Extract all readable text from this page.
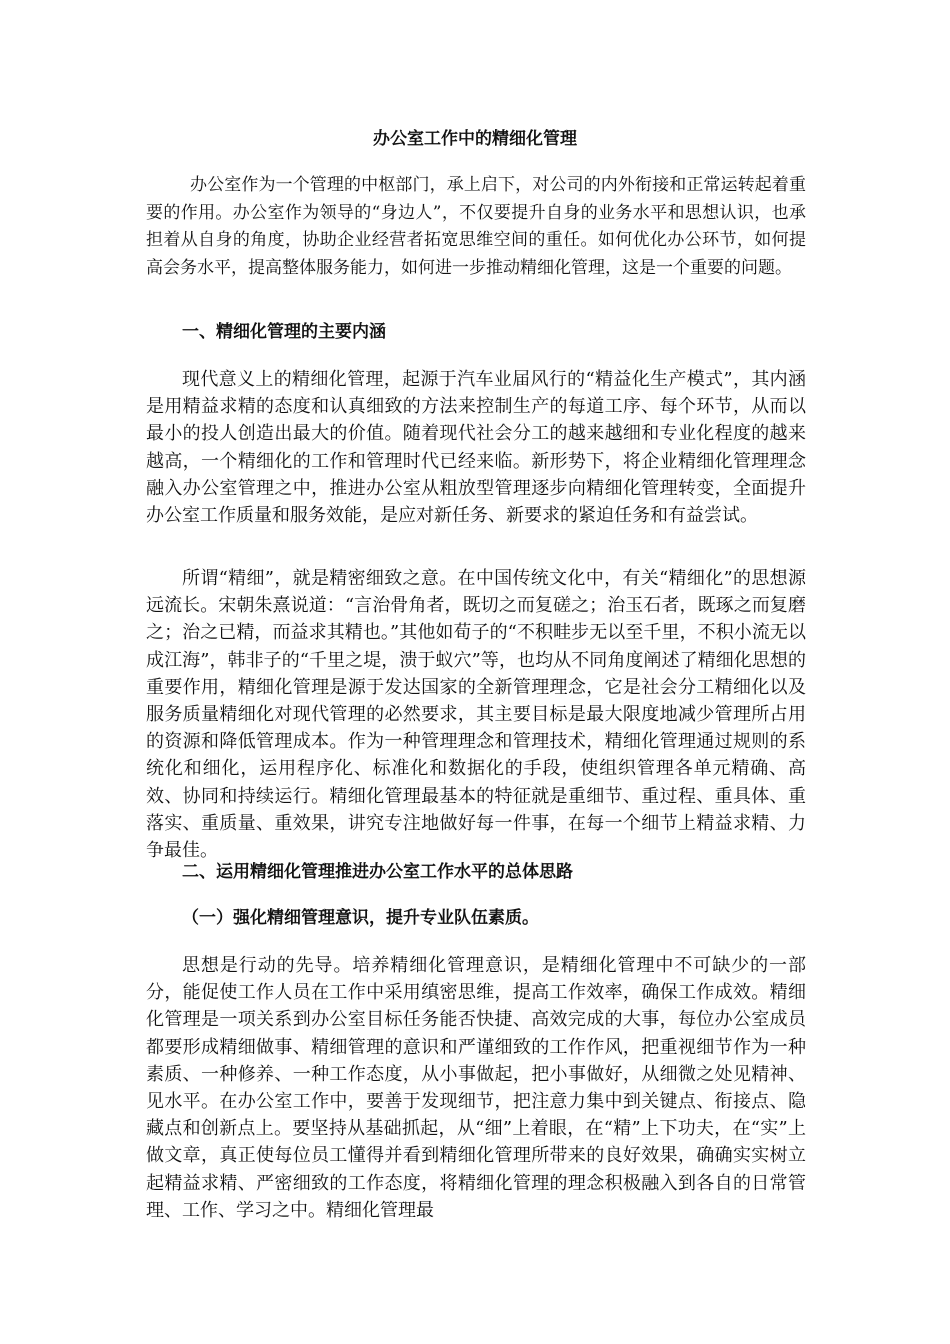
办公室工作中的精细化管理

办公室作为一个管理的中枢部门，承上启下，对公司的内外衔接和正常运转起着重要的作用。办公室作为领导的“身边人”，不仅要提升自身的业务水平和思想认识，也承担着从自身的角度，协助企业经营者拓宽思维空间的重任。如何优化办公环节，如何提高会务水平，提高整体服务能力，如何进一步推动精细化管理，这是一个重要的问题。

一、精细化管理的主要内涵

现代意义上的精细化管理，起源于汽车业届风行的“精益化生产模式”，其内涵是用精益求精的态度和认真细致的方法来控制生产的每道工序、每个环节，从而以最小的投人创造出最大的价值。随着现代社会分工的越来越细和专业化程度的越来越高，一个精细化的工作和管理时代已经来临。新形势下，将企业精细化管理理念融入办公室管理之中，推进办公室从粗放型管理逐步向精细化管理转变，全面提升办公室工作质量和服务效能，是应对新任务、新要求的紧迫任务和有益尝试。

所谓“精细”，就是精密细致之意。在中国传统文化中，有关“精细化”的思想源远流长。宋朝朱熹说道：“言治骨角者，既切之而复磋之；治玉石者，既琢之而复磨之；治之已精，而益求其精也。”其他如荀子的“不积畦步无以至千里，不积小流无以成江海”，韩非子的“千里之堤，溃于蚁穴”等，也均从不同角度阐述了精细化思想的重要作用，精细化管理是源于发达国家的全新管理理念，它是社会分工精细化以及服务质量精细化对现代管理的必然要求，其主要目标是最大限度地减少管理所占用的资源和降低管理成本。作为一种管理理念和管理技术，精细化管理通过规则的系统化和细化，运用程序化、标准化和数据化的手段，使组织管理各单元精确、高效、协同和持续运行。精细化管理最基本的特征就是重细节、重过程、重具体、重落实、重质量、重效果，讲究专注地做好每一件事，在每一个细节上精益求精、力争最佳。

二、运用精细化管理推进办公室工作水平的总体思路
（一）强化精细管理意识，提升专业队伍素质。

思想是行动的先导。培养精细化管理意识，是精细化管理中不可缺少的一部分，能促使工作人员在工作中采用缜密思维，提高工作效率，确保工作成效。精细化管理是一项关系到办公室目标任务能否快捷、高效完成的大事，每位办公室成员都要形成精细做事、精细管理的意识和严谨细致的工作作风，把重视细节作为一种素质、一种修养、一种工作态度，从小事做起，把小事做好，从细微之处见精神、见水平。在办公室工作中，要善于发现细节，把注意力集中到关键点、衔接点、隐藏点和创新点上。要坚持从基础抓起，从“细”上着眼，在“精”上下功夫，在“实”上做文章，真正使每位员工懂得并看到精细化管理所带来的良好效果，确确实实树立起精益求精、严密细致的工作态度，将精细化管理的理念积极融入到各自的日常管理、工作、学习之中。精细化管理最
